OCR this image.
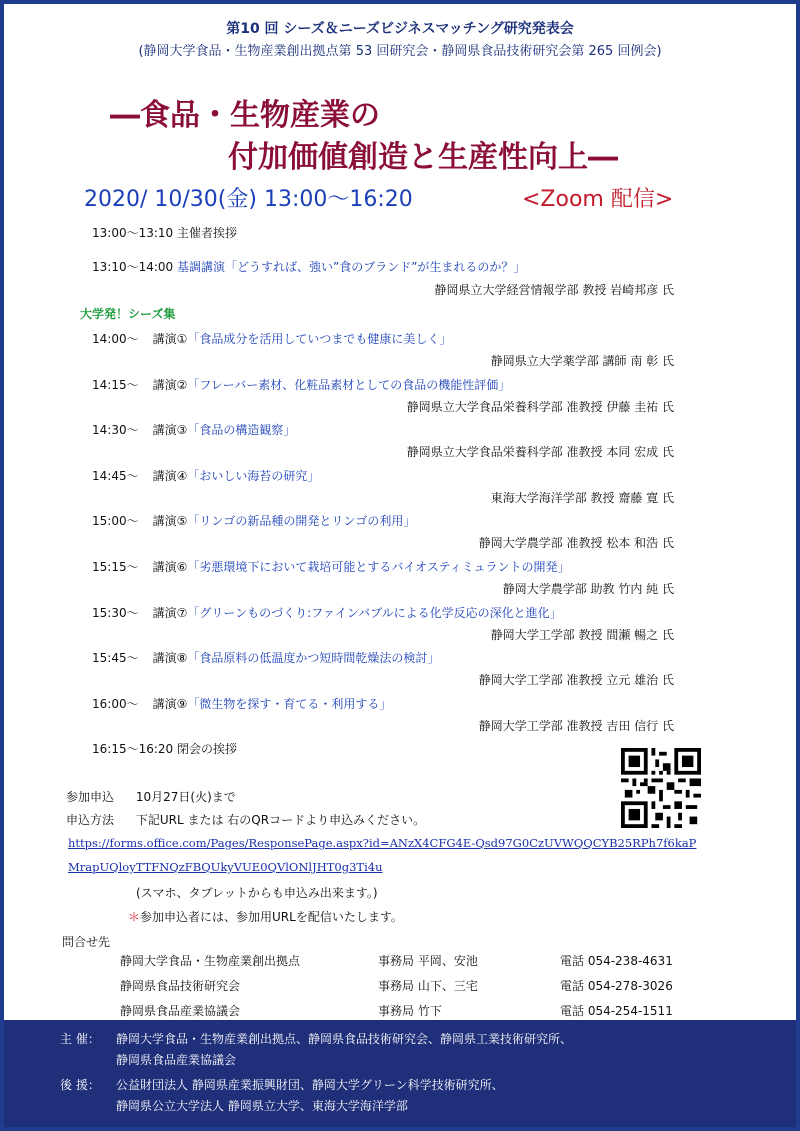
第10 回 シーズ＆ニーズビジネスマッチング研究発表会
(静岡大学食品・生物産業創出拠点第 53 回研究会・静岡県食品技術研究会第 265 回例会)
―食品・生物産業の
付加価値創造と生産性向上―
2020/ 10/30(金) 13:00〜16:20	<Zoom 配信>
13:00〜13:10 主催者挨拶
13:10〜14:00 基調講演「どうすれば、強い”食のブランド”が生まれるのか？」
静岡県立大学経営情報学部 教授 岩崎邦彦 氏
大学発！シーズ集
14:00〜 講演①「食品成分を活用していつまでも健康に美しく」
静岡県立大学薬学部 講師 南 彰 氏
14:15〜 講演②「フレーバー素材、化粧品素材としての食品の機能性評価」
静岡県立大学食品栄養科学部 准教授 伊藤 圭祐 氏
14:30〜 講演③「食品の構造観察」
静岡県立大学食品栄養科学部 准教授 本同 宏成 氏
14:45〜 講演④「おいしい海苔の研究」
東海大学海洋学部 教授 齋藤 寛 氏
15:00〜 講演⑤「リンゴの新品種の開発とリンゴの利用」
静岡大学農学部 准教授 松本 和浩 氏
15:15〜 講演⑥「劣悪環境下において栽培可能とするバイオスティミュラントの開発」
静岡大学農学部 助教 竹内 純 氏
15:30〜 講演⑦「グリーンものづくり:ファインバブルによる化学反応の深化と進化」
静岡大学工学部 教授 間瀬 暢之 氏
15:45〜 講演⑧「食品原料の低温度かつ短時間乾燥法の検討」
静岡大学工学部 准教授 立元 雄治 氏
16:00〜 講演⑨「微生物を探す・育てる・利用する」
静岡大学工学部 准教授 吉田 信行 氏
16:15〜16:20 閉会の挨拶
参加申込 10月27日(火)まで
申込方法 下記URL または 右のQRコードより申込みください。
https://forms.office.com/Pages/ResponsePage.aspx?id=ANzX4CFG4E-Qsd97G0CzUVWQQCYB25RPh7f6kaP
MrapUQloyTTFNQzFBQUkyVUE0QVlONlJHT0g3Ti4u
(スマホ、タブレットからも申込み出来ます。)
＊参加申込者には、参加用URLを配信いたします。
問合せ先
静岡大学食品・生物産業創出拠点	事務局 平岡、安池	電話 054-238-4631
静岡県食品技術研究会	事務局 山下、三宅	電話 054-278-3026
静岡県食品産業協議会	事務局 竹下	電話 054-254-1511
主 催： 静岡大学食品・生物産業創出拠点、静岡県食品技術研究会、静岡県工業技術研究所、
静岡県食品産業協議会
後 援： 公益財団法人 静岡県産業振興財団、静岡大学グリーン科学技術研究所、
静岡県公立大学法人 静岡県立大学、東海大学海洋学部
